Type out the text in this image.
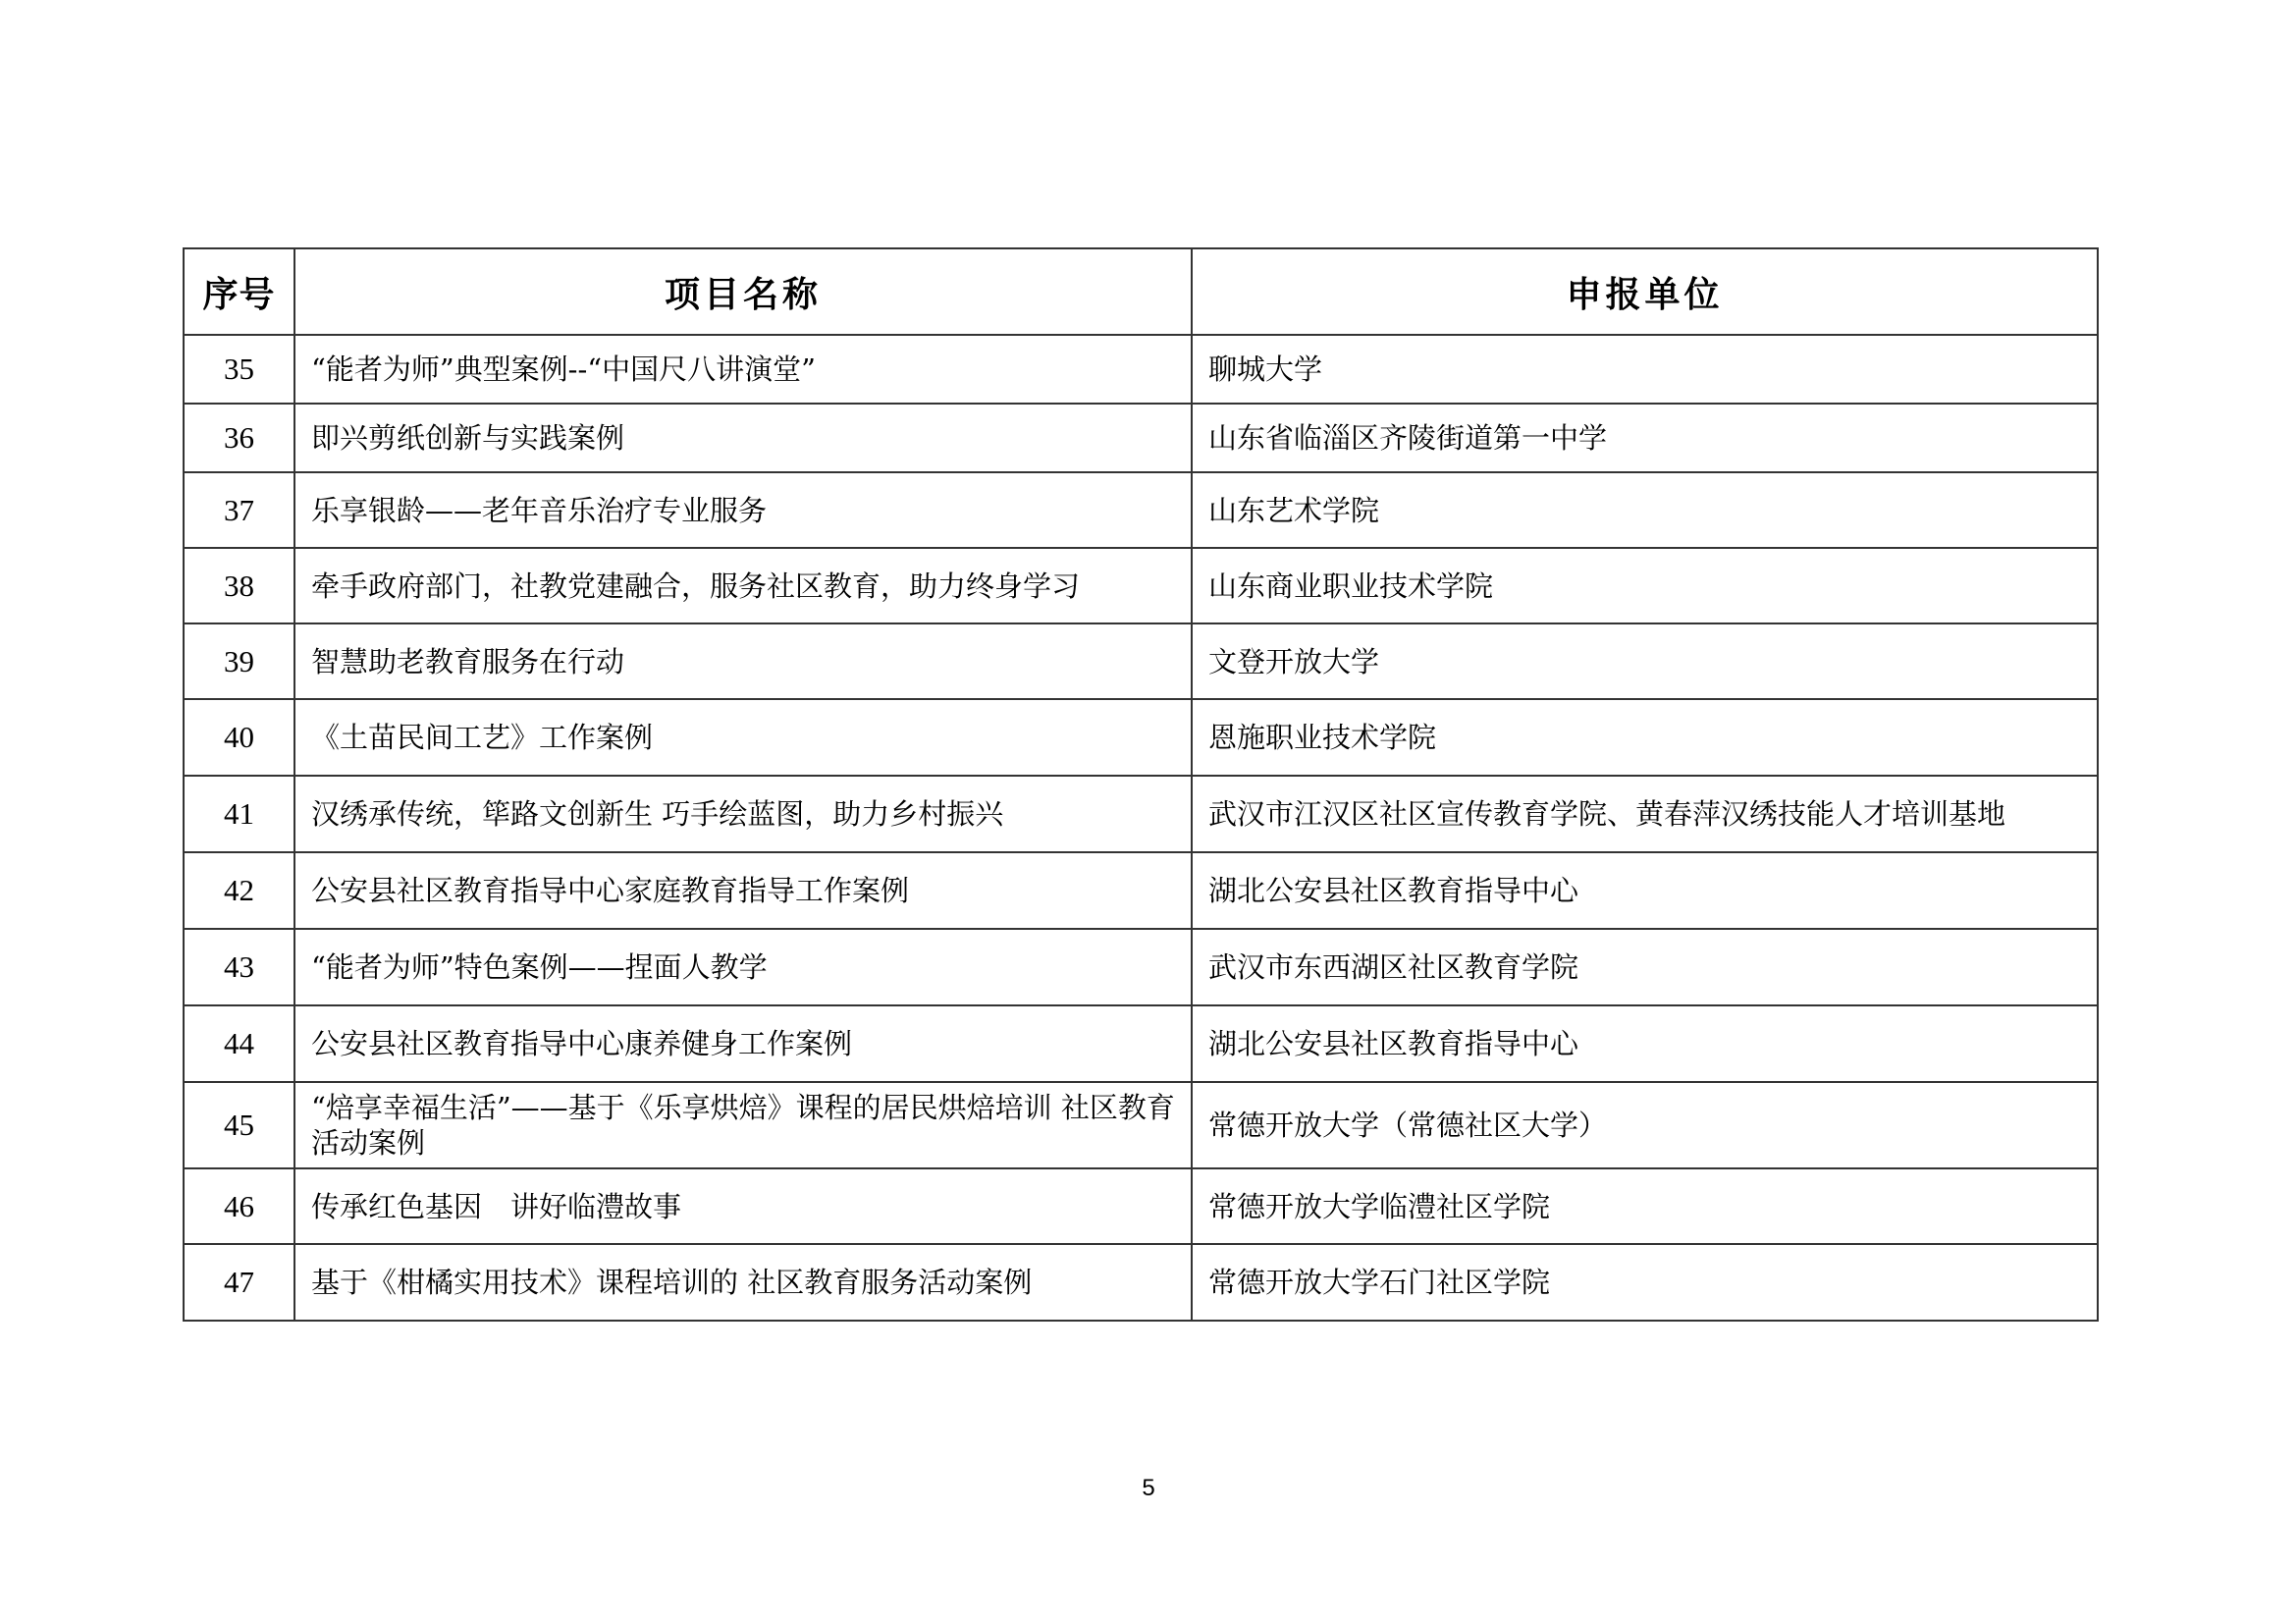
序号	项目名称	申报单位
35	“能者为师”典型案例--“中国尺八讲演堂”	聊城大学
36	即兴剪纸创新与实践案例	山东省临淄区齐陵街道第一中学
37	乐享银龄——老年音乐治疗专业服务	山东艺术学院
38	牵手政府部门，社教党建融合，服务社区教育，助力终身学习	山东商业职业技术学院
39	智慧助老教育服务在行动	文登开放大学
40	《土苗民间工艺》工作案例	恩施职业技术学院
41	汉绣承传统，筚路文创新生 巧手绘蓝图，助力乡村振兴	武汉市江汉区社区宣传教育学院、黄春萍汉绣技能人才培训基地
42	公安县社区教育指导中心家庭教育指导工作案例	湖北公安县社区教育指导中心
43	“能者为师”特色案例——捏面人教学	武汉市东西湖区社区教育学院
44	公安县社区教育指导中心康养健身工作案例	湖北公安县社区教育指导中心
45	“焙享幸福生活”——基于《乐享烘焙》课程的居民烘焙培训 社区教育活动案例	常德开放大学（常德社区大学）
46	传承红色基因　讲好临澧故事	常德开放大学临澧社区学院
47	基于《柑橘实用技术》课程培训的 社区教育服务活动案例	常德开放大学石门社区学院
5
